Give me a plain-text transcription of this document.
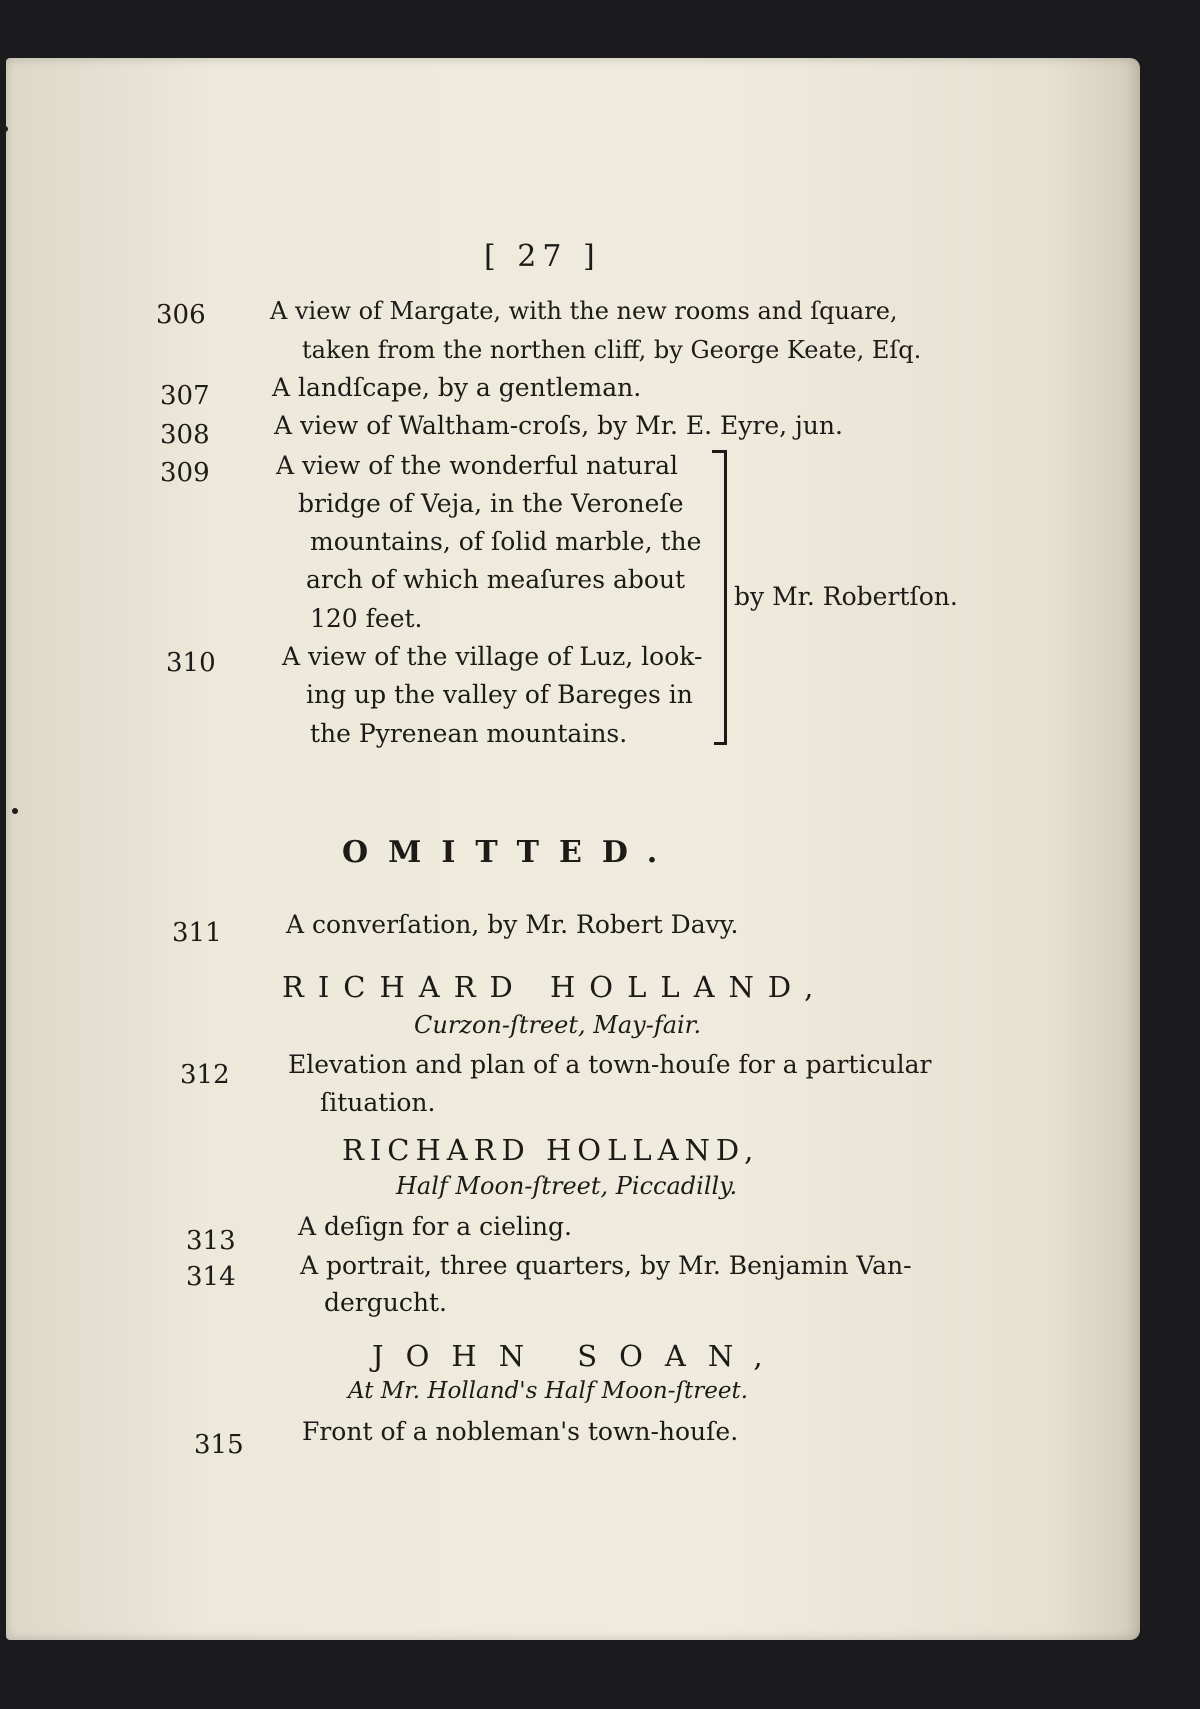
[ 27 ]
306	A view of Margate, with the new rooms and ſquare,
taken from the northen cliff, by George Keate, Eſq.
307 A landſcape, by a gentleman.
308	A view of Waltham-croſs, by Mr. E. Eyre, jun.
309	A view of the wonderful natural
bridge of Veja, in the Veroneſe
mountains, of ſolid marble, the
arch of which meaſures about
120 feet.
310	A view of the village of Luz, look-
ing up the valley of Bareges in
the Pyrenean mountains.
by Mr. Robertſon.
OMITTED.
311	A converſation, by Mr. Robert Davy.
RICHARD HOLLAND,
Curzon-ſtreet, May-fair.
312 Elevation and plan of a town-houſe for a particular
ſituation.
RICHARD HOLLAND,
Half Moon-ſtreet, Piccadilly.
313 A deſign for a cieling.
314	A portrait, three quarters, by Mr. Benjamin Van-
dergucht.
JOHN SOAN,
At Mr. Holland's Half Moon-ſtreet.
315 Front of a nobleman's town-houſe.
